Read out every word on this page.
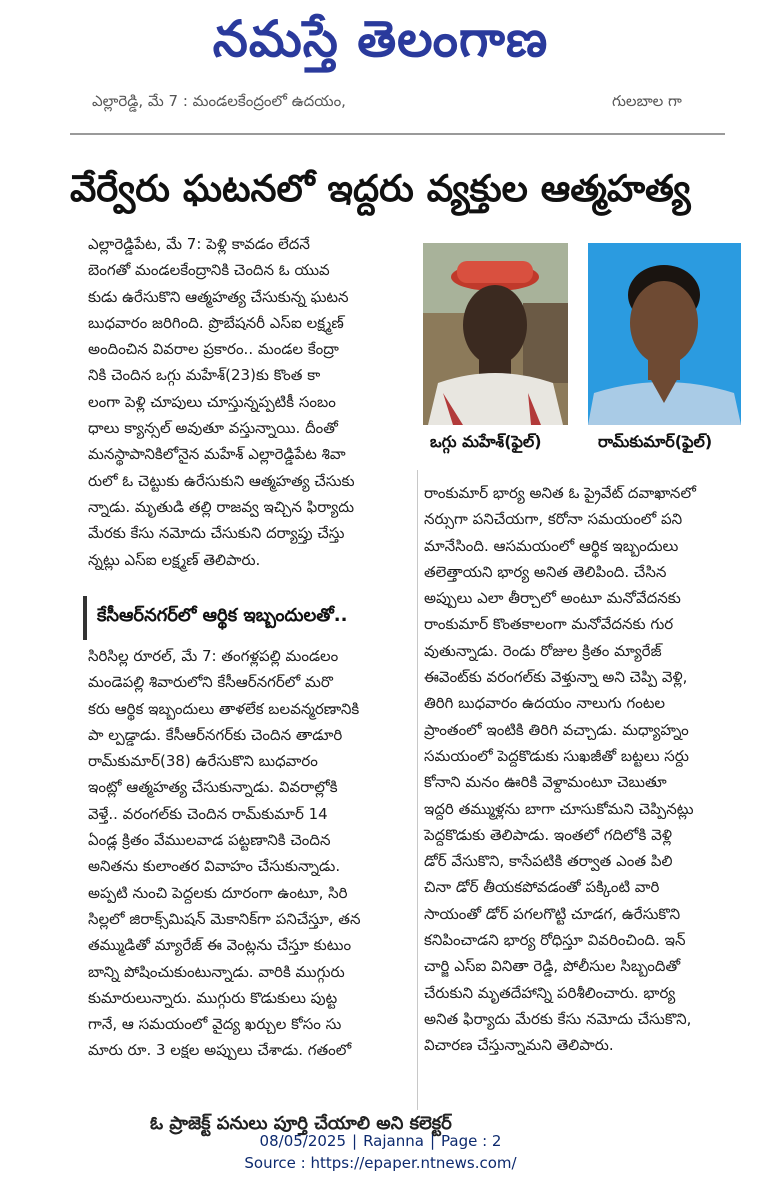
నమస్తే తెలంగాణ
ఎల్లారెడ్డి, మే 7 : మండలకేంద్రంలో ఉదయం,	గులబాల గా
వేర్వేరు ఘటనలో ఇద్దరు వ్యక్తుల ఆత్మహత్య
ఎల్లారెడ్డిపేట, మే 7: పెళ్లి కావడం లేదనే
బెంగతో మండలకేంద్రానికి చెందిన ఓ యువ
కుడు ఉరేసుకొని ఆత్మహత్య చేసుకున్న ఘటన
బుధవారం జరిగింది. ప్రొబేషనరీ ఎస్ఐ లక్ష్మణ్
అందించిన వివరాల ప్రకారం.. మండల కేంద్రా
నికి చెందిన ఒగ్గు మహేశ్(23)కు కొంత కా
లంగా పెళ్లి చూపులు చూస్తున్నప్పటికీ సంబం
ధాలు క్యాన్సల్ అవుతూ వస్తున్నాయి. దీంతో
మనస్థాపానికిలోనైన మహేశ్ ఎల్లారెడ్డిపేట శివా
రులో ఓ చెట్టుకు ఉరేసుకుని ఆత్మహత్య చేసుకు
న్నాడు. మృతుడి తల్లి రాజవ్వ ఇచ్చిన ఫిర్యాదు
మేరకు కేసు నమోదు చేసుకుని దర్యాప్తు చేస్తు
న్నట్లు ఎస్ఐ లక్ష్మణ్ తెలిపారు.
కేసీఆర్‌నగర్‌లో ఆర్థిక ఇబ్బందులతో..
సిరిసిల్ల రూరల్, మే 7: తంగళ్లపల్లి మండలం
మండెపల్లి శివారులోని కేసీఆర్‌నగర్‌లో మరొ
కరు ఆర్థిక ఇబ్బందులు తాళలేక బలవన్మరణానికి
పా ల్పడ్డాడు. కేసీఆర్‌నగర్‌కు చెందిన తాడూరి
రామ్‌కుమార్(38) ఉరేసుకొని బుధవారం
ఇంట్లో ఆత్మహత్య చేసుకున్నాడు. వివరాల్లోకి
వెళ్తే.. వరంగల్‌కు చెందిన రామ్‌కుమార్ 14
ఏండ్ల క్రితం వేములవాడ పట్టణానికి చెందిన
అనితను కులాంతర వివాహం చేసుకున్నాడు.
అప్పటి నుంచి పెద్దలకు దూరంగా ఉంటూ, సిరి
సిల్లలో జిరాక్స్‌మిషన్ మెకానిక్‌గా పనిచేస్తూ, తన
తమ్ముడితో మ్యారేజ్ ఈ వెంట్లను చేస్తూ కుటుం
బాన్ని పోషించుకుంటున్నాడు. వారికి ముగ్గురు
కుమారులున్నారు. ముగ్గురు కొడుకులు పుట్ట
గానే, ఆ సమయంలో వైద్య ఖర్చుల కోసం సు
మారు రూ. 3 లక్షల అప్పులు చేశాడు. గతంలో
ఒగ్గు మహేశ్(ఫైల్)	రామ్‌కుమార్(ఫైల్)
రాంకుమార్ భార్య అనిత ఓ ప్రైవేట్ దవాఖానలో
నర్సుగా పనిచేయగా, కరోనా సమయంలో పని
మానేసింది. ఆసమయంలో ఆర్థిక ఇబ్బందులు
తలెత్తాయని భార్య అనిత తెలిపింది. చేసిన
అప్పులు ఎలా తీర్చాలో అంటూ మనోవేదనకు
రాంకుమార్ కొంతకాలంగా మనోవేదనకు గుర
వుతున్నాడు. రెండు రోజుల క్రితం మ్యారేజ్
ఈవెంట్‌కు వరంగల్‌కు వెళ్తున్నా అని చెప్పి వెళ్లి,
తిరిగి బుధవారం ఉదయం నాలుగు గంటల
ప్రాంతంలో ఇంటికి తిరిగి వచ్చాడు. మధ్యాహ్నం
సమయంలో పెద్దకొడుకు సుఖజీతో బట్టలు సర్దు
కోనాని మనం ఊరికి వెళ్దామంటూ చెబుతూ
ఇద్దరి తమ్ముళ్లను బాగా చూసుకోమని చెప్పినట్లు
పెద్దకొడుకు తెలిపాడు. ఇంతలో గదిలోకి వెళ్లి
డోర్ వేసుకొని, కాసేపటికి తర్వాత ఎంత పిలి
చినా డోర్ తీయకపోవడంతో పక్కింటి వారి
సాయంతో డోర్ పగలగొట్టి చూడగ, ఉరేసుకొని
కనిపించాడని భార్య రోధిస్తూ వివరించింది. ఇన్
చార్జి ఎస్ఐ వినితా రెడ్డి, పోలీసుల సిబ్బందితో
చేరుకుని మృతదేహాన్ని పరిశీలించారు. భార్య
అనిత ఫిర్యాదు మేరకు కేసు నమోదు చేసుకొని,
విచారణ చేస్తున్నామని తెలిపారు.
ఓ ప్రాజెక్ట్ పనులు పూర్తి చేయాలి అని కలెక్టర్
08/05/2025 | Rajanna | Page : 2
Source : https://epaper.ntnews.com/
